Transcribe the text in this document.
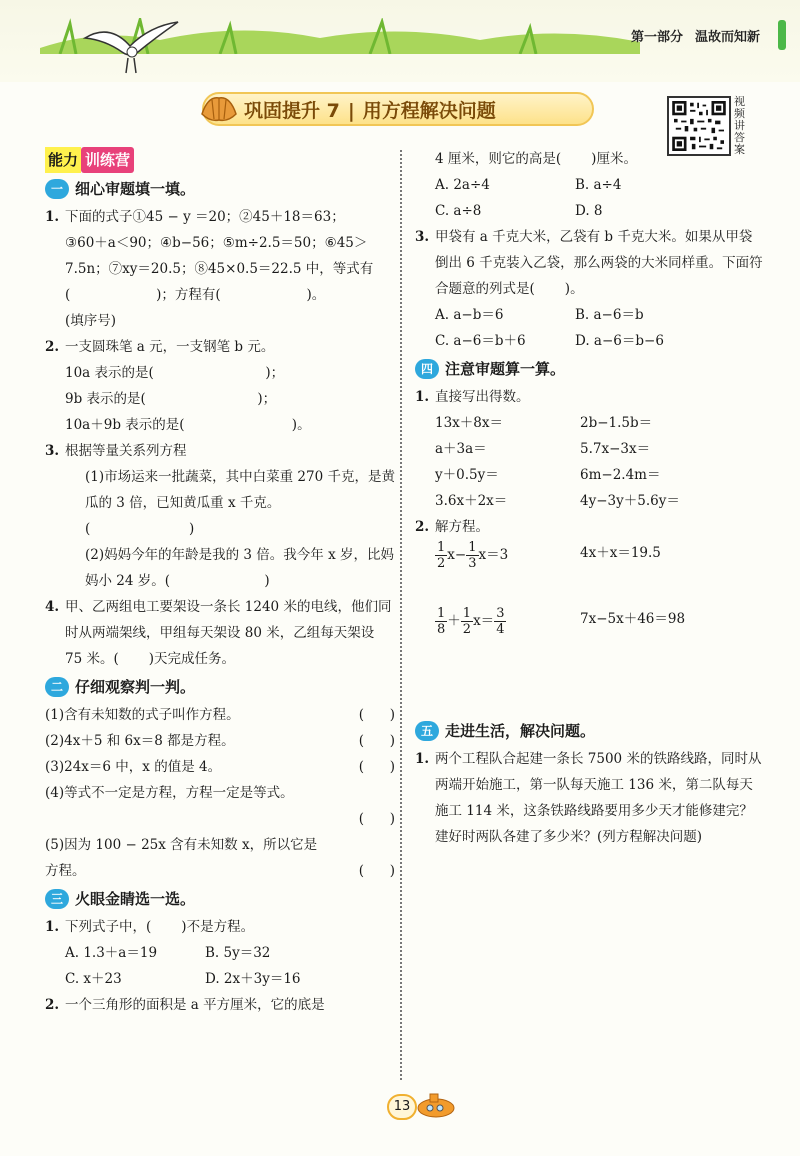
第一部分 温故而知新
巩固提升 7 | 用方程解决问题	视频讲答案
能力 训练营
一 细心审题填一填。
1. 下面的式子①45 − y ＝20；②45＋18＝63；
③60＋a＜90；④b−56；⑤m÷2.5＝50；⑥45＞
7.5n；⑦xy＝20.5；⑧45×0.5＝22.5 中，等式有
(                    )；方程有(                    )。
(填序号)
2. 一支圆珠笔 a 元，一支钢笔 b 元。
10a 表示的是(                          )；
9b 表示的是(                          )；
10a＋9b 表示的是(                         )。
3. 根据等量关系列方程
(1)市场运来一批蔬菜，其中白菜重 270 千克，是黄瓜的 3 倍，已知黄瓜重 x 千克。
(                       )
(2)妈妈今年的年龄是我的 3 倍。我今年 x 岁，比妈妈小 24 岁。(                      )
4. 甲、乙两组电工要架设一条长 1240 米的电线，他们同时从两端架线，甲组每天架设 80 米，乙组每天架设 75 米。(       )天完成任务。
二 仔细观察判一判。
(1)含有未知数的式子叫作方程。	(      )
(2)4x＋5 和 6x＝8 都是方程。	(      )
(3)24x＝6 中，x 的值是 4。	(      )
(4)等式不一定是方程，方程一定是等式。
(      )
(5)因为 100 − 25x 含有未知数 x，所以它是方程。	(      )
三 火眼金睛选一选。
1. 下列式子中，(       )不是方程。
A. 1.3＋a＝19	B. 5y＝32
C. x＋23	D. 2x＋3y＝16
2. 一个三角形的面积是 a 平方厘米，它的底是
4 厘米，则它的高是(       )厘米。
A. 2a÷4	B. a÷4
C. a÷8	D. 8
3. 甲袋有 a 千克大米，乙袋有 b 千克大米。如果从甲袋倒出 6 千克装入乙袋，那么两袋的大米同样重。下面符合题意的列式是(       )。
A. a−b＝6	B. a−6＝b
C. a−6＝b＋6	D. a−6＝b−6
四 注意审题算一算。
1. 直接写出得数。
13x＋8x＝	2b−1.5b＝
a＋3a＝	5.7x−3x＝
y＋0.5y＝	6m−2.4m＝
3.6x＋2x＝	4y−3y＋5.6y＝
2. 解方程。
$\frac{1}{2} x- \frac{1}{3} x=3$	4x＋x＝19.5
$\frac{1}{8} + \frac{1}{2} x= \frac{3}{4}$	7x−5x＋46＝98
五 走进生活，解决问题。
1. 两个工程队合起建一条长 7500 米的铁路线路，同时从两端开始施工，第一队每天施工 136 米，第二队每天施工 114 米，这条铁路线路要用多少天才能修建完？建好时两队各建了多少米？(列方程解决问题)
13
